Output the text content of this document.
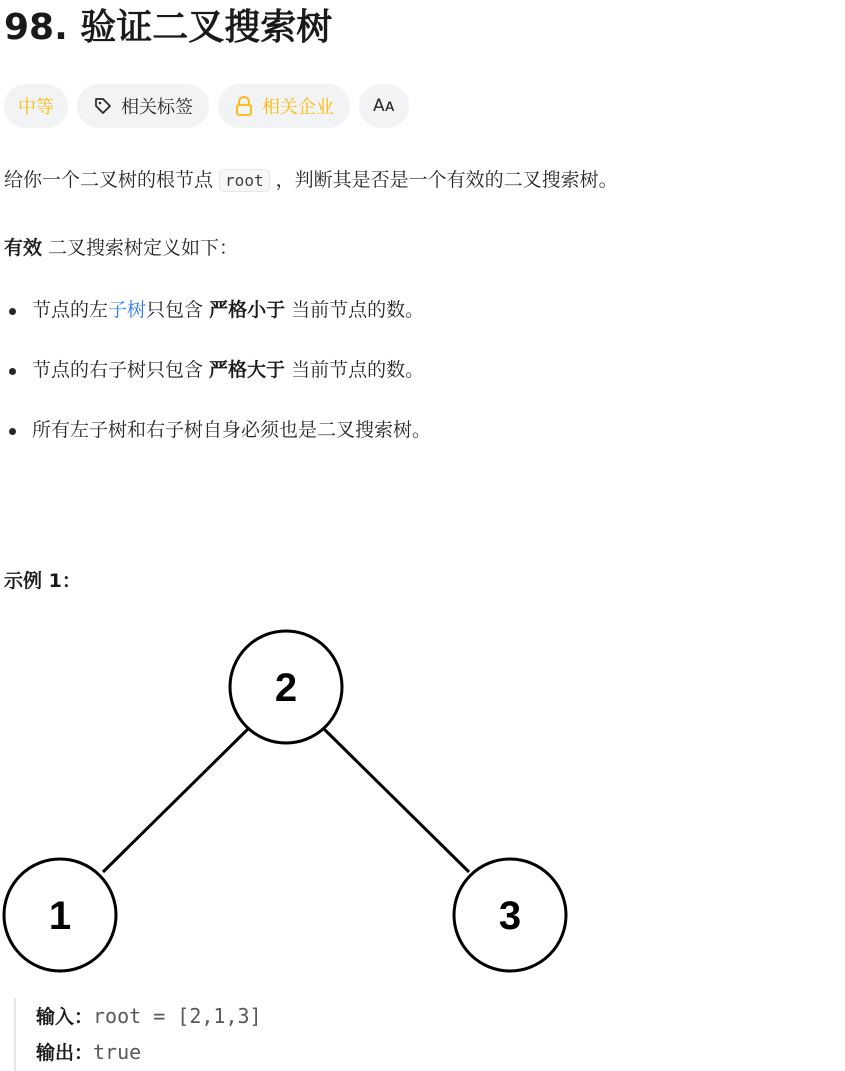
98. 验证二叉搜索树
中等	相关标签	相关企业 Aᴀ

给你一个二叉树的根节点 root ，判断其是否是一个有效的二叉搜索树。

有效 二叉搜索树定义如下：

节点的左子树只包含 严格小于 当前节点的数。
节点的右子树只包含 严格大于 当前节点的数。
所有左子树和右子树自身必须也是二叉搜索树。
示例 1：
2
1	3
输入：root = [2,1,3]
输出：true
